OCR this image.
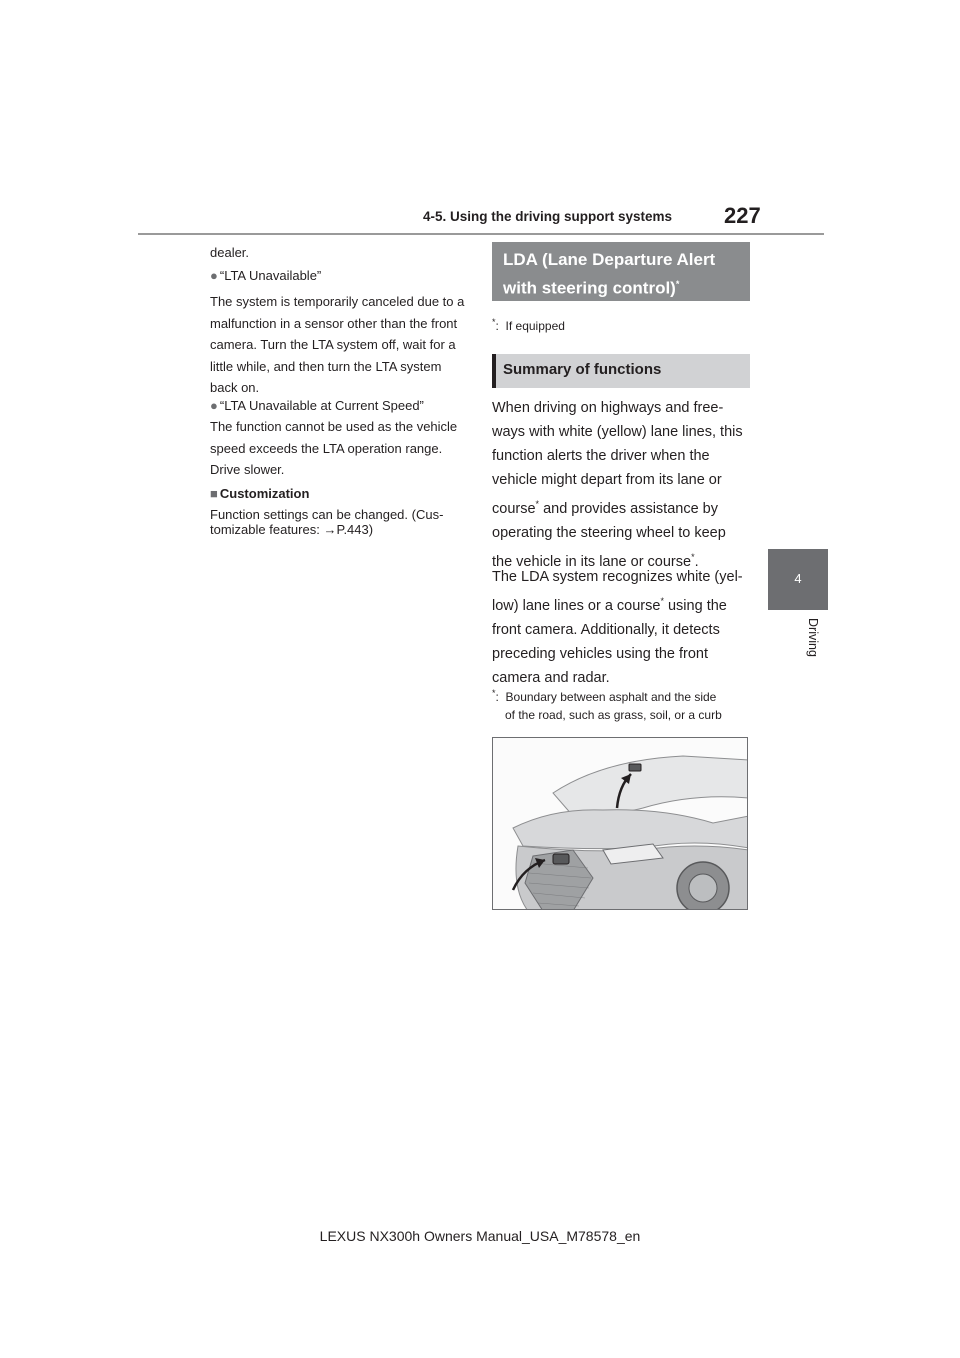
4-5. Using the driving support systems 227
4
Driving
dealer.
● “LTA Unavailable”
The system is temporarily canceled due to a
malfunction in a sensor other than the front
camera. Turn the LTA system off, wait for a
little while, and then turn the LTA system
back on.
● “LTA Unavailable at Current Speed”
The function cannot be used as the vehicle
speed exceeds the LTA operation range.
Drive slower.
■ Customization
Function settings can be changed. (Cus-
tomizable features: →P.443)
LDA (Lane Departure Alert
with steering control)*
*:  If equipped
Summary of functions
When driving on highways and free-
ways with white (yellow) lane lines, this
function alerts the driver when the
vehicle might depart from its lane or
course* and provides assistance by
operating the steering wheel to keep
the vehicle in its lane or course*.
The LDA system recognizes white (yel-
low) lane lines or a course* using the
front camera. Additionally, it detects
preceding vehicles using the front
camera and radar.
*:  Boundary between asphalt and the side
of the road, such as grass, soil, or a curb
LEXUS NX300h Owners Manual_USA_M78578_en
